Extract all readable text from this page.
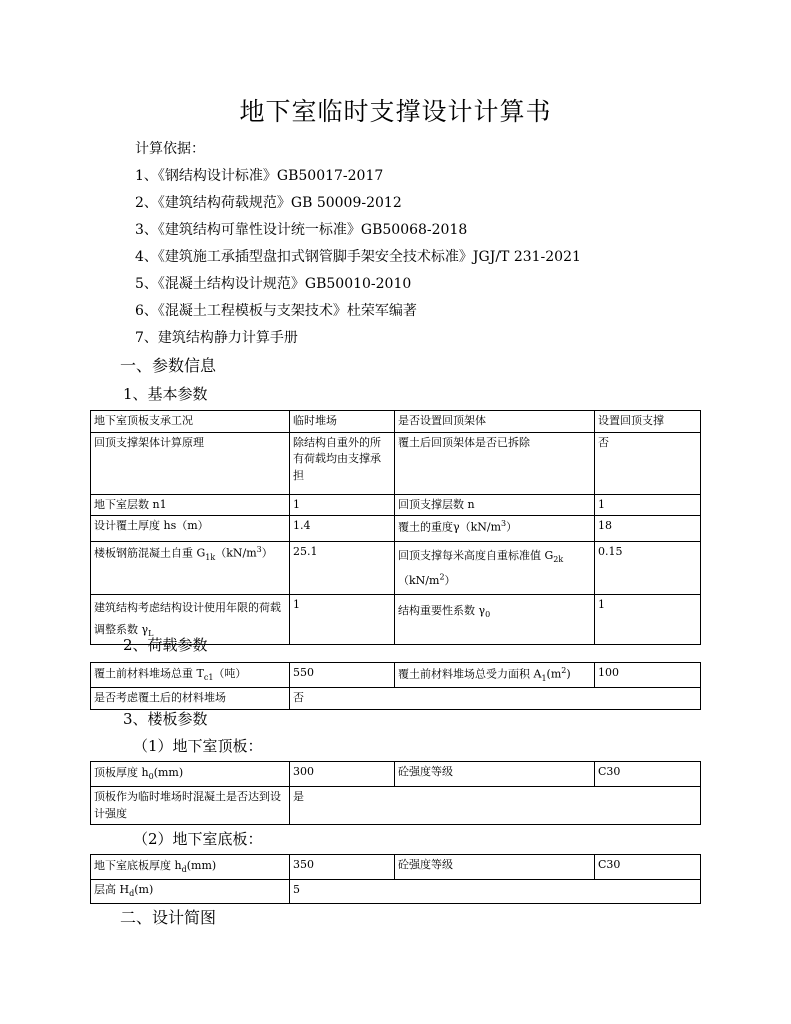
地下室临时支撑设计计算书
计算依据：
1、《钢结构设计标准》GB50017-2017
2、《建筑结构荷载规范》GB 50009-2012
3、《建筑结构可靠性设计统一标准》GB50068-2018
4、《建筑施工承插型盘扣式钢管脚手架安全技术标准》JGJ/T 231-2021
5、《混凝土结构设计规范》GB50010-2010
6、《混凝土工程模板与支架技术》杜荣军编著
7、建筑结构静力计算手册
一、参数信息
1、基本参数
地下室顶板支承工况	临时堆场	是否设置回顶架体	设置回顶支撑
回顶支撑架体计算原理	除结构自重外的所有荷载均由支撑承担	覆土后回顶架体是否已拆除	否
地下室层数 n1	1	回顶支撑层数 n	1
设计覆土厚度 hs（m）	1.4	覆土的重度$\gamma(kN/m^3)$	18
楼板钢筋混凝土自重 $G_{1k}(kN/m^3)$	25.1	回顶支撑每米高度自重标准值 $G_{2k}(kN/m^2)$	0.15
建筑结构考虑结构设计使用年限的荷载调整系数 $\gamma_L$	1	结构重要性系数 $\gamma_0$	1
2、荷载参数
覆土前材料堆场总重 $T_{c1}$（吨）	550	覆土前材料堆场总受力面积 $A_1(m^2)$	100
是否考虑覆土后的材料堆场	否		
3、楼板参数
（1）地下室顶板：
顶板厚度 $h_0(mm)$	300	砼强度等级	C30
顶板作为临时堆场时混凝土是否达到设计强度	是		
（2）地下室底板：
地下室底板厚度 $h_d(mm)$	350	砼强度等级	C30
层高 $H_d(m)$	5		
二、设计简图
